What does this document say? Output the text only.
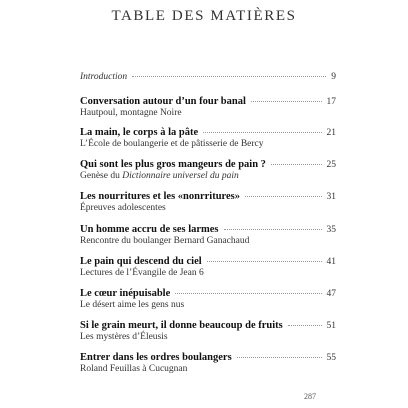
TABLE DES MATIÈRES
Introduction	9
Conversation autour d’un four banal	17
Hautpoul, montagne Noire
La main, le corps à la pâte	21
L’École de boulangerie et de pâtisserie de Bercy
Qui sont les plus gros mangeurs de pain ?	25
Genèse du Dictionnaire universel du pain
Les nourritures et les «nonrritures»	31
Épreuves adolescentes
Un homme accru de ses larmes	35
Rencontre du boulanger Bernard Ganachaud
Le pain qui descend du ciel	41
Lectures de l’Évangile de Jean 6
Le cœur inépuisable	47
Le désert aime les gens nus
Si le grain meurt, il donne beaucoup de fruits	51
Les mystères d’Éleusis
Entrer dans les ordres boulangers	55
Roland Feuillas à Cucugnan
287
